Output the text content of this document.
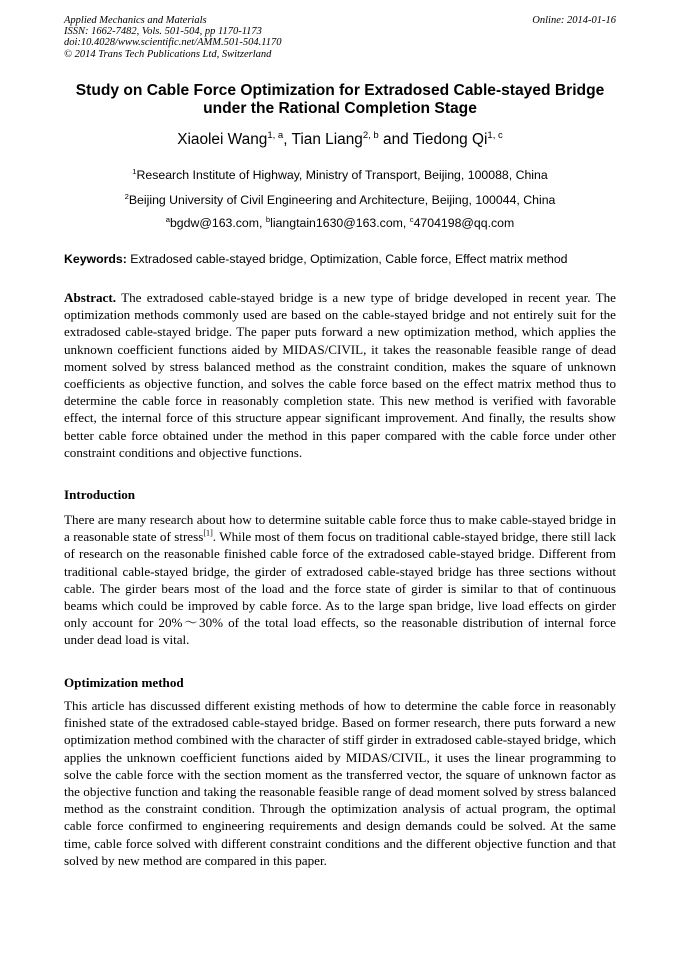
Applied Mechanics and Materials
ISSN: 1662-7482, Vols. 501-504, pp 1170-1173
doi:10.4028/www.scientific.net/AMM.501-504.1170
© 2014 Trans Tech Publications Ltd, Switzerland
Online: 2014-01-16
Study on Cable Force Optimization for Extradosed Cable-stayed Bridge
under the Rational Completion Stage
Xiaolei Wang$^{1, a}$, Tian Liang$^{2, b}$ and Tiedong Qi$^{1, c}$
$^1$Research Institute of Highway, Ministry of Transport, Beijing, 100088, China
$^2$Beijing University of Civil Engineering and Architecture, Beijing, 100044, China
$^a$bgdw@163.com, $^b$liangtain1630@163.com, $^c$4704198@qq.com
Keywords: Extradosed cable-stayed bridge, Optimization, Cable force, Effect matrix method

Abstract. The extradosed cable-stayed bridge is a new type of bridge developed in recent year. The optimization methods commonly used are based on the cable-stayed bridge and not entirely suit for the extradosed cable-stayed bridge. The paper puts forward a new optimization method, which applies the unknown coefficient functions aided by MIDAS/CIVIL, it takes the reasonable feasible range of dead moment solved by stress balanced method as the constraint condition, makes the square of unknown coefficients as objective function, and solves the cable force based on the effect matrix method thus to determine the cable force in reasonably completion state. This new method is verified with favorable effect, the internal force of this structure appear significant improvement. And finally, the results show better cable force obtained under the method in this paper compared with the cable force under other constraint conditions and objective functions.

Introduction

There are many research about how to determine suitable cable force thus to make cable-stayed bridge in a reasonable state of stress[1]. While most of them focus on traditional cable-stayed bridge, there still lack of research on the reasonable finished cable force of the extradosed cable-stayed bridge. Different from traditional cable-stayed bridge, the girder of extradosed cable-stayed bridge has three sections without cable. The girder bears most of the load and the force state of girder is similar to that of continuous beams which could be improved by cable force. As to the large span bridge, live load effects on girder only account for 20%～30% of the total load effects, so the reasonable distribution of internal force under dead load is vital.

Optimization method

This article has discussed different existing methods of how to determine the cable force in reasonably finished state of the extradosed cable-stayed bridge. Based on former research, there puts forward a new optimization method combined with the character of stiff girder in extradosed cable-stayed bridge, which applies the unknown coefficient functions aided by MIDAS/CIVIL, it uses the linear programming to solve the cable force with the section moment as the transferred vector, the square of unknown factor as the objective function and taking the reasonable feasible range of dead moment solved by stress balanced method as the constraint condition. Through the optimization analysis of actual program, the optimal cable force confirmed to engineering requirements and design demands could be solved. At the same time, cable force solved with different constraint conditions and the different objective function and that solved by new method are compared in this paper.
